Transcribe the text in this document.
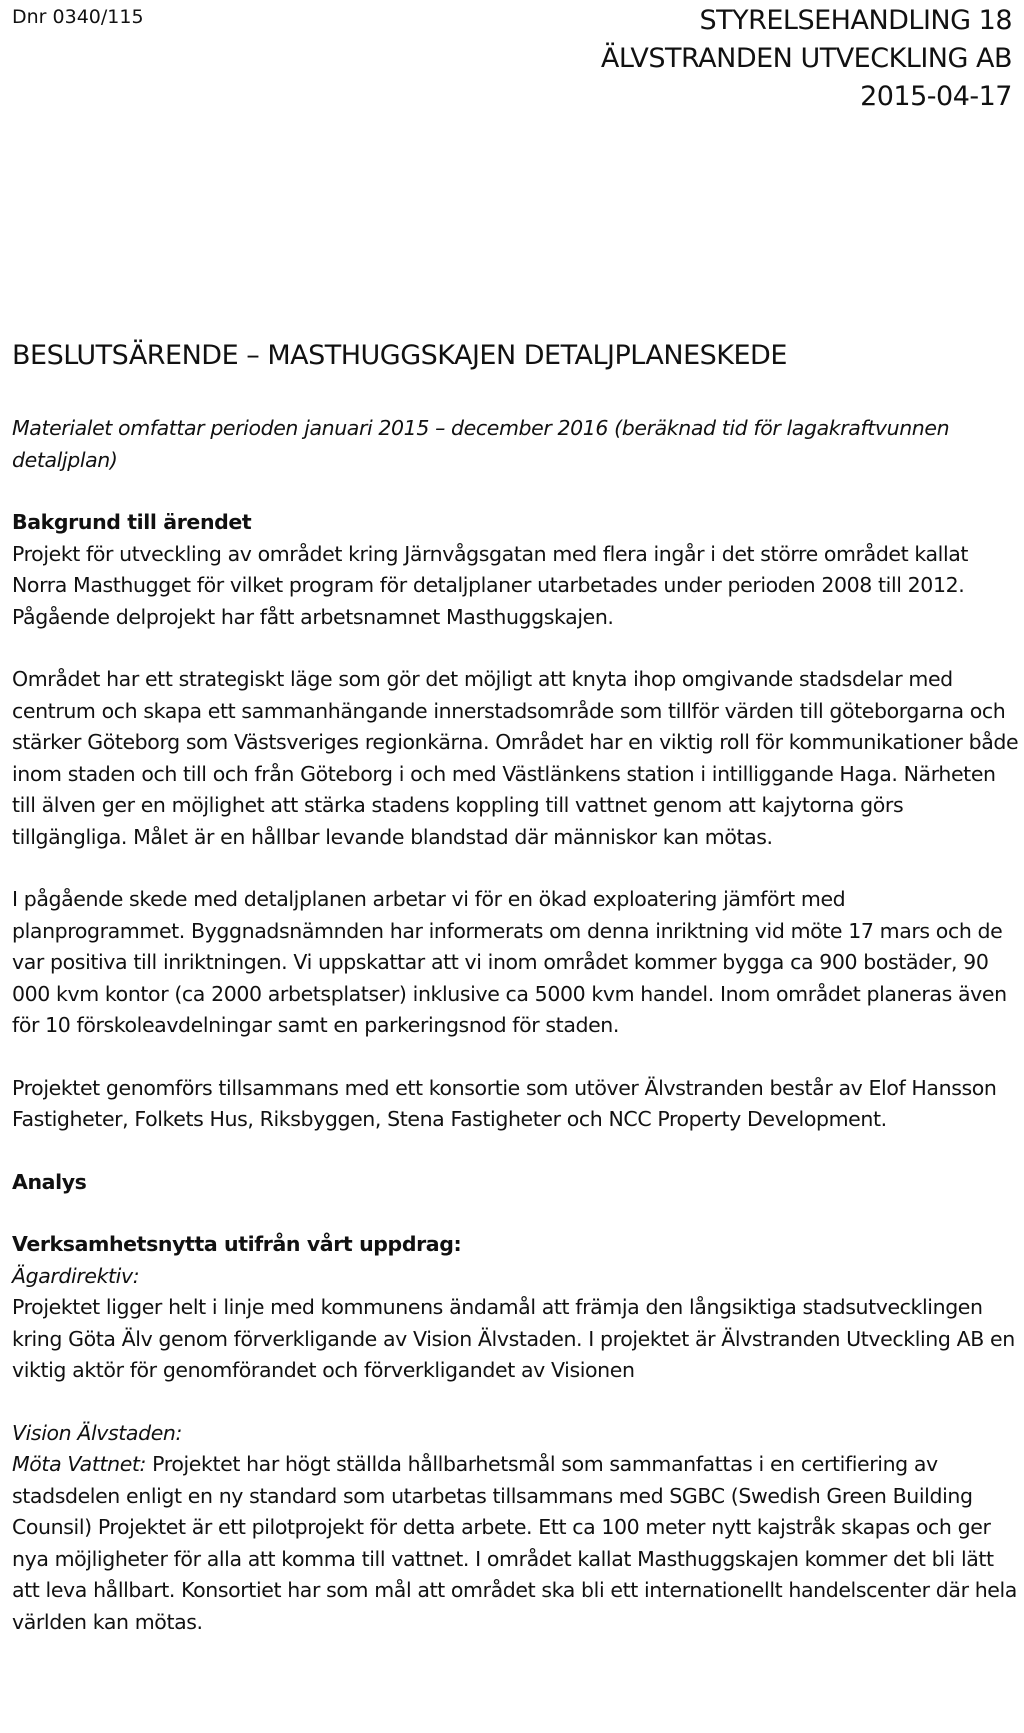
Dnr 0340/115	STYRELSEHANDLING 18
ÄLVSTRANDEN UTVECKLING AB
2015-04-17
BESLUTSÄRENDE – MASTHUGGSKAJEN DETALJPLANESKEDE

Materialet omfattar perioden januari 2015 – december 2016 (beräknad tid för lagakraftvunnen detaljplan)

Bakgrund till ärendet

Projekt för utveckling av området kring Järnvågsgatan med flera ingår i det större området kallat Norra Masthugget för vilket program för detaljplaner utarbetades under perioden 2008 till 2012. Pågående delprojekt har fått arbetsnamnet Masthuggskajen.

Området har ett strategiskt läge som gör det möjligt att knyta ihop omgivande stadsdelar med centrum och skapa ett sammanhängande innerstadsområde som tillför värden till göteborgarna och stärker Göteborg som Västsveriges regionkärna. Området har en viktig roll för kommunikationer både inom staden och till och från Göteborg i och med Västlänkens station i intilliggande Haga. Närheten till älven ger en möjlighet att stärka stadens koppling till vattnet genom att kajytorna görs tillgängliga. Målet är en hållbar levande blandstad där människor kan mötas.

I pågående skede med detaljplanen arbetar vi för en ökad exploatering jämfört med planprogrammet. Byggnadsnämnden har informerats om denna inriktning vid möte 17 mars och de var positiva till inriktningen. Vi uppskattar att vi inom området kommer bygga ca 900 bostäder, 90 000 kvm kontor (ca 2000 arbetsplatser) inklusive ca 5000 kvm handel. Inom området planeras även för 10 förskoleavdelningar samt en parkeringsnod för staden.

Projektet genomförs tillsammans med ett konsortie som utöver Älvstranden består av Elof Hansson Fastigheter, Folkets Hus, Riksbyggen, Stena Fastigheter och NCC Property Development.

Analys

Verksamhetsnytta utifrån vårt uppdrag:
Ägardirektiv:

Projektet ligger helt i linje med kommunens ändamål att främja den långsiktiga stadsutvecklingen kring Göta Älv genom förverkligande av Vision Älvstaden. I projektet är Älvstranden Utveckling AB en viktig aktör för genomförandet och förverkligandet av Visionen

Vision Älvstaden:

Möta Vattnet: Projektet har högt ställda hållbarhetsmål som sammanfattas i en certifiering av stadsdelen enligt en ny standard som utarbetas tillsammans med SGBC (Swedish Green Building Counsil) Projektet är ett pilotprojekt för detta arbete. Ett ca 100 meter nytt kajstråk skapas och ger nya möjligheter för alla att komma till vattnet. I området kallat Masthuggskajen kommer det bli lätt att leva hållbart. Konsortiet har som mål att området ska bli ett internationellt handelscenter där hela världen kan mötas.
